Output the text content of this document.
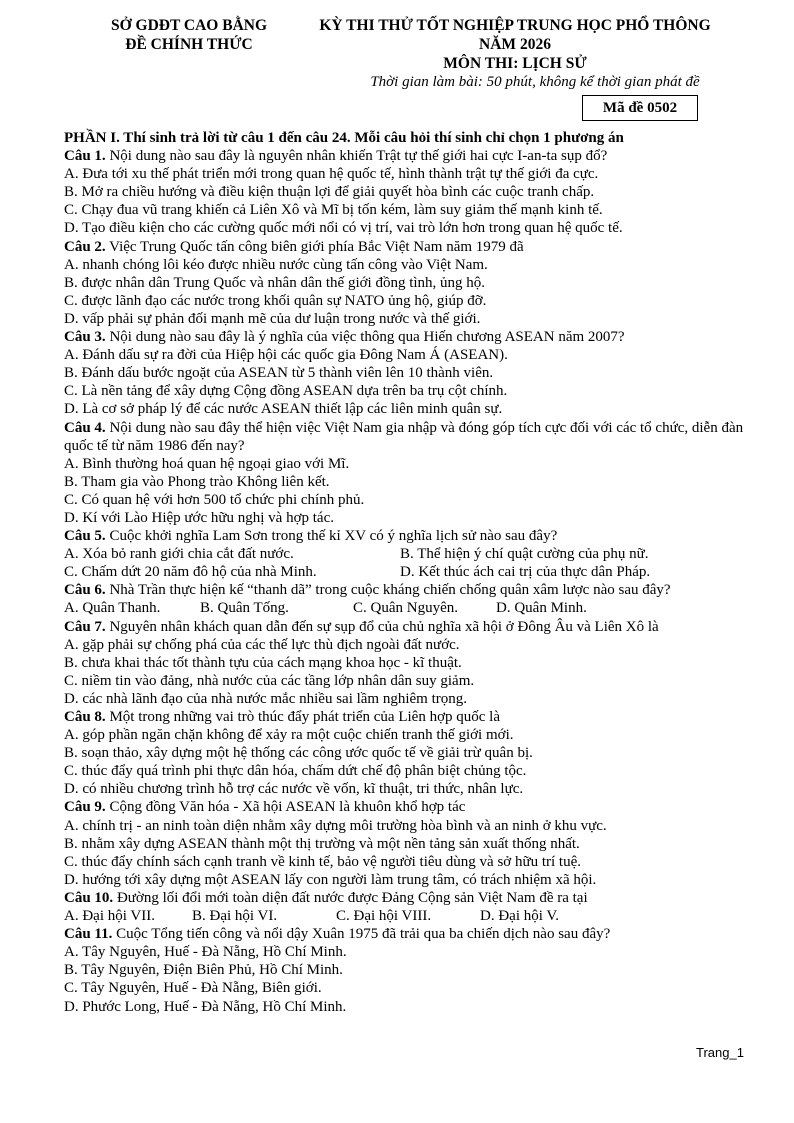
SỞ GDĐT CAO BẰNG
ĐỀ CHÍNH THỨC
KỲ THI THỬ TỐT NGHIỆP TRUNG HỌC PHỔ THÔNG
NĂM 2026
MÔN THI: LỊCH SỬ
Thời gian làm bài: 50 phút, không kể thời gian phát đề
Mã đề 0502
PHẦN I. Thí sinh trả lời từ câu 1 đến câu 24. Mỗi câu hỏi thí sinh chỉ chọn 1 phương án
Câu 1. Nội dung nào sau đây là nguyên nhân khiến Trật tự thế giới hai cực I-an-ta sụp đổ?
A. Đưa tới xu thế phát triển mới trong quan hệ quốc tế, hình thành trật tự thế giới đa cực.
B. Mở ra chiều hướng và điều kiện thuận lợi để giải quyết hòa bình các cuộc tranh chấp.
C. Chạy đua vũ trang khiến cả Liên Xô và Mĩ bị tốn kém, làm suy giảm thế mạnh kinh tế.
D. Tạo điều kiện cho các cường quốc mới nổi có vị trí, vai trò lớn hơn trong quan hệ quốc tế.
Câu 2. Việc Trung Quốc tấn công biên giới phía Bắc Việt Nam năm 1979 đã
A. nhanh chóng lôi kéo được nhiều nước cùng tấn công vào Việt Nam.
B. được nhân dân Trung Quốc và nhân dân thế giới đồng tình, ủng hộ.
C. được lãnh đạo các nước trong khối quân sự NATO ủng hộ, giúp đỡ.
D. vấp phải sự phản đối mạnh mẽ của dư luận trong nước và thế giới.
Câu 3. Nội dung nào sau đây là ý nghĩa của việc thông qua Hiến chương ASEAN năm 2007?
A. Đánh dấu sự ra đời của Hiệp hội các quốc gia Đông Nam Á (ASEAN).
B. Đánh dấu bước ngoặt của ASEAN từ 5 thành viên lên 10 thành viên.
C. Là nền tảng để xây dựng Cộng đồng ASEAN dựa trên ba trụ cột chính.
D. Là cơ sở pháp lý để các nước ASEAN thiết lập các liên minh quân sự.
Câu 4. Nội dung nào sau đây thể hiện việc Việt Nam gia nhập và đóng góp tích cực đối với các tổ chức, diễn đàn quốc tế từ năm 1986 đến nay?
A. Bình thường hoá quan hệ ngoại giao với Mĩ.
B. Tham gia vào Phong trào Không liên kết.
C. Có quan hệ với hơn 500 tổ chức phi chính phủ.
D. Kí với Lào Hiệp ước hữu nghị và hợp tác.
Câu 5. Cuộc khởi nghĩa Lam Sơn trong thế kỉ XV có ý nghĩa lịch sử nào sau đây?
A. Xóa bỏ ranh giới chia cắt đất nước.	B. Thể hiện ý chí quật cường của phụ nữ.
C. Chấm dứt 20 năm đô hộ của nhà Minh.	D. Kết thúc ách cai trị của thực dân Pháp.
Câu 6. Nhà Trần thực hiện kế “thanh dã” trong cuộc kháng chiến chống quân xâm lược nào sau đây?
A. Quân Thanh.	B. Quân Tống.	C. Quân Nguyên.	D. Quân Minh.
Câu 7. Nguyên nhân khách quan dẫn đến sự sụp đổ của chủ nghĩa xã hội ở Đông Âu và Liên Xô là
A. gặp phải sự chống phá của các thế lực thù địch ngoài đất nước.
B. chưa khai thác tốt thành tựu của cách mạng khoa học - kĩ thuật.
C. niềm tin vào đảng, nhà nước của các tầng lớp nhân dân suy giảm.
D. các nhà lãnh đạo của nhà nước mắc nhiều sai lầm nghiêm trọng.
Câu 8. Một trong những vai trò thúc đẩy phát triển của Liên hợp quốc là
A. góp phần ngăn chặn không để xảy ra một cuộc chiến tranh thế giới mới.
B. soạn thảo, xây dựng một hệ thống các công ước quốc tế về giải trừ quân bị.
C. thúc đẩy quá trình phi thực dân hóa, chấm dứt chế độ phân biệt chủng tộc.
D. có nhiều chương trình hỗ trợ các nước về vốn, kĩ thuật, tri thức, nhân lực.
Câu 9. Cộng đồng Văn hóa - Xã hội ASEAN là khuôn khổ hợp tác
A. chính trị - an ninh toàn diện nhằm xây dựng môi trường hòa bình và an ninh ở khu vực.
B. nhằm xây dựng ASEAN thành một thị trường và một nền tảng sản xuất thống nhất.
C. thúc đẩy chính sách cạnh tranh về kinh tế, bảo vệ người tiêu dùng và sở hữu trí tuệ.
D. hướng tới xây dựng một ASEAN lấy con người làm trung tâm, có trách nhiệm xã hội.
Câu 10. Đường lối đổi mới toàn diện đất nước được Đảng Cộng sản Việt Nam đề ra tại
A. Đại hội VII. B. Đại hội VI.	C. Đại hội VIII.	D. Đại hội V.
Câu 11. Cuộc Tổng tiến công và nổi dậy Xuân 1975 đã trải qua ba chiến dịch nào sau đây?
A. Tây Nguyên, Huế - Đà Nẵng, Hồ Chí Minh.
B. Tây Nguyên, Điện Biên Phủ, Hồ Chí Minh.
C. Tây Nguyên, Huế - Đà Nẵng, Biên giới.
D. Phước Long, Huế - Đà Nẵng, Hồ Chí Minh.
Trang_1
